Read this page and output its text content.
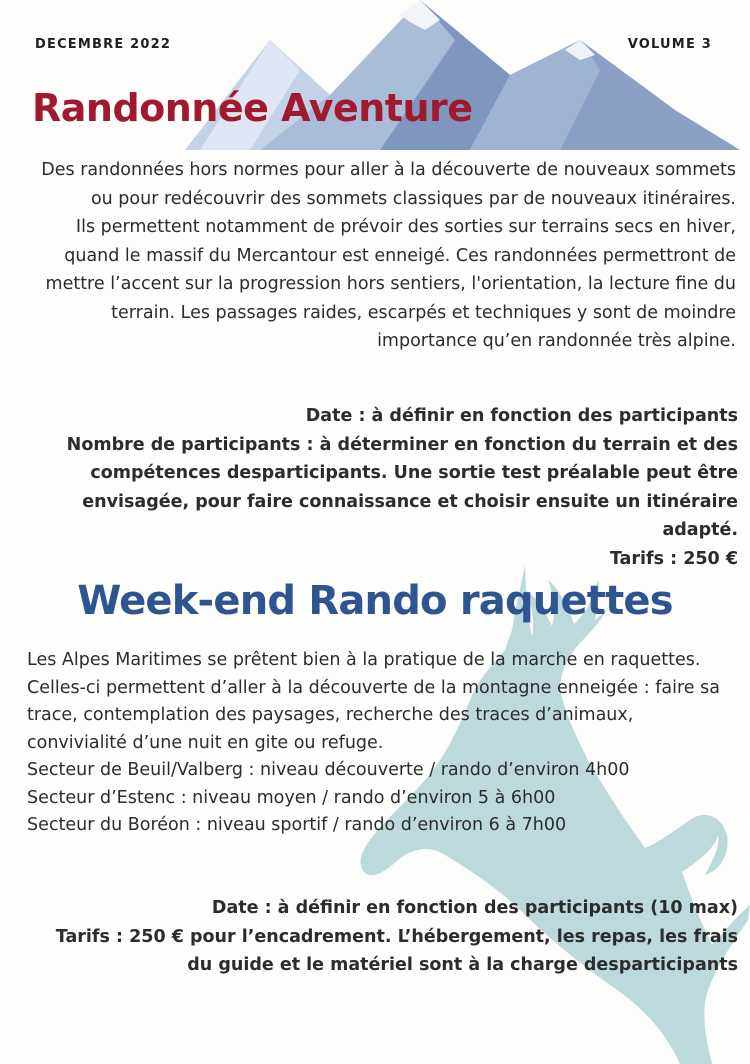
DECEMBRE 2022	VOLUME 3
Randonnée Aventure

Des randonnées hors normes pour aller à la découverte de nouveaux sommets ou pour redécouvrir des sommets classiques par de nouveaux itinéraires.

Ils permettent notamment de prévoir des sorties sur terrains secs en hiver, quand le massif du Mercantour est enneigé. Ces randonnées permettront de mettre l’accent sur la progression hors sentiers, l'orientation, la lecture fine du terrain. Les passages raides, escarpés et techniques y sont de moindre importance qu’en randonnée très alpine.

Date : à définir en fonction des participants

Nombre de participants : à déterminer en fonction du terrain et des compétences desparticipants. Une sortie test préalable peut être envisagée, pour faire connaissance et choisir ensuite un itinéraire adapté.

Tarifs : 250 €

Week-end Rando raquettes

Les Alpes Maritimes se prêtent bien à la pratique de la marche en raquettes. Celles-ci permettent d’aller à la découverte de la montagne enneigée : faire sa trace, contemplation des paysages, recherche des traces d’animaux, convivialité d’une nuit en gite ou refuge.

Secteur de Beuil/Valberg : niveau découverte / rando d’environ 4h00

Secteur d’Estenc : niveau moyen / rando d’environ 5 à 6h00

Secteur du Boréon : niveau sportif / rando d’environ 6 à 7h00

Date : à définir en fonction des participants (10 max)

Tarifs : 250 € pour l’encadrement. L’hébergement, les repas, les frais du guide et le matériel sont à la charge desparticipants
